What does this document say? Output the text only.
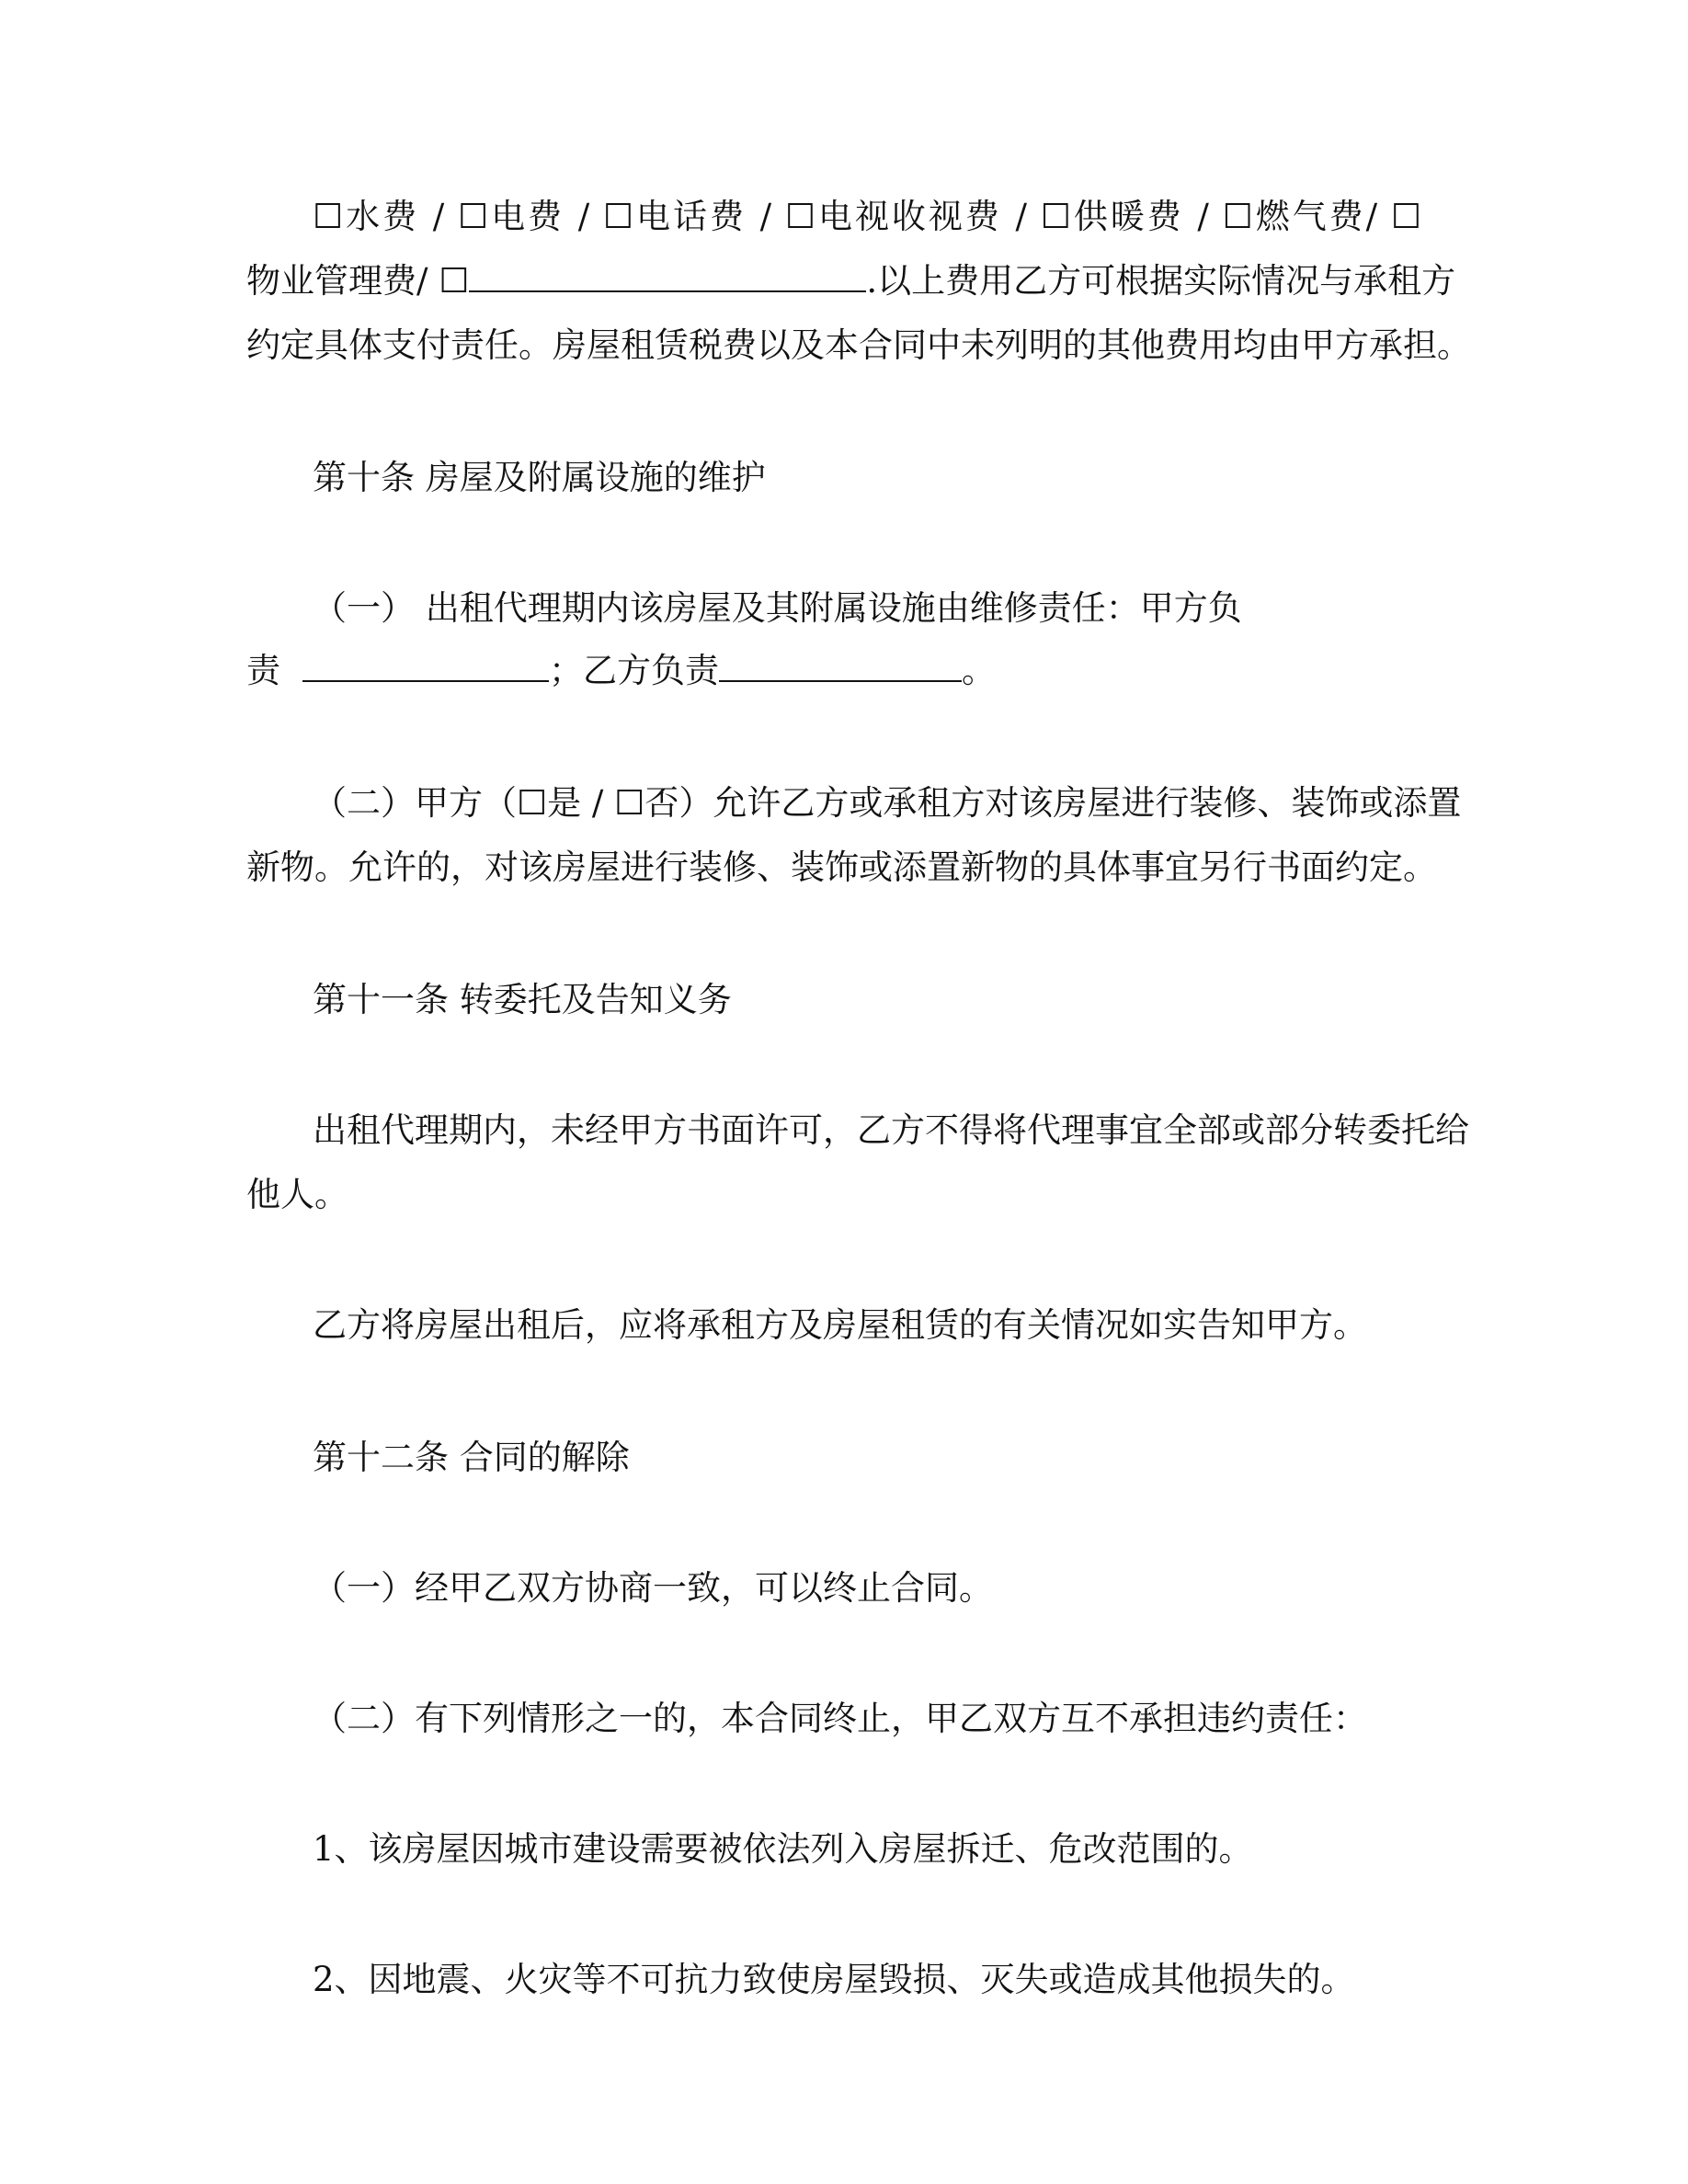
☐水费 / ☐电费 / ☐电话费 / ☐电视收视费 / ☐供暖费 / ☐燃气费/ ☐
物业管理费/ ☐	.以上费用乙方可根据实际情况与承租方
约定具体支付责任。房屋租赁税费以及本合同中未列明的其他费用均由甲方承担。
第十条 房屋及附属设施的维护
（一） 出租代理期内该房屋及其附属设施由维修责任：甲方负
责	；乙方负责	。
（二）甲方（☐是 / ☐否）允许乙方或承租方对该房屋进行装修、装饰或添置
新物。允许的，对该房屋进行装修、装饰或添置新物的具体事宜另行书面约定。
第十一条 转委托及告知义务
出租代理期内，未经甲方书面许可，乙方不得将代理事宜全部或部分转委托给
他人。
乙方将房屋出租后，应将承租方及房屋租赁的有关情况如实告知甲方。
第十二条 合同的解除
（一）经甲乙双方协商一致，可以终止合同。
（二）有下列情形之一的，本合同终止，甲乙双方互不承担违约责任：
1、该房屋因城市建设需要被依法列入房屋拆迁、危改范围的。
2、因地震、火灾等不可抗力致使房屋毁损、灭失或造成其他损失的。
